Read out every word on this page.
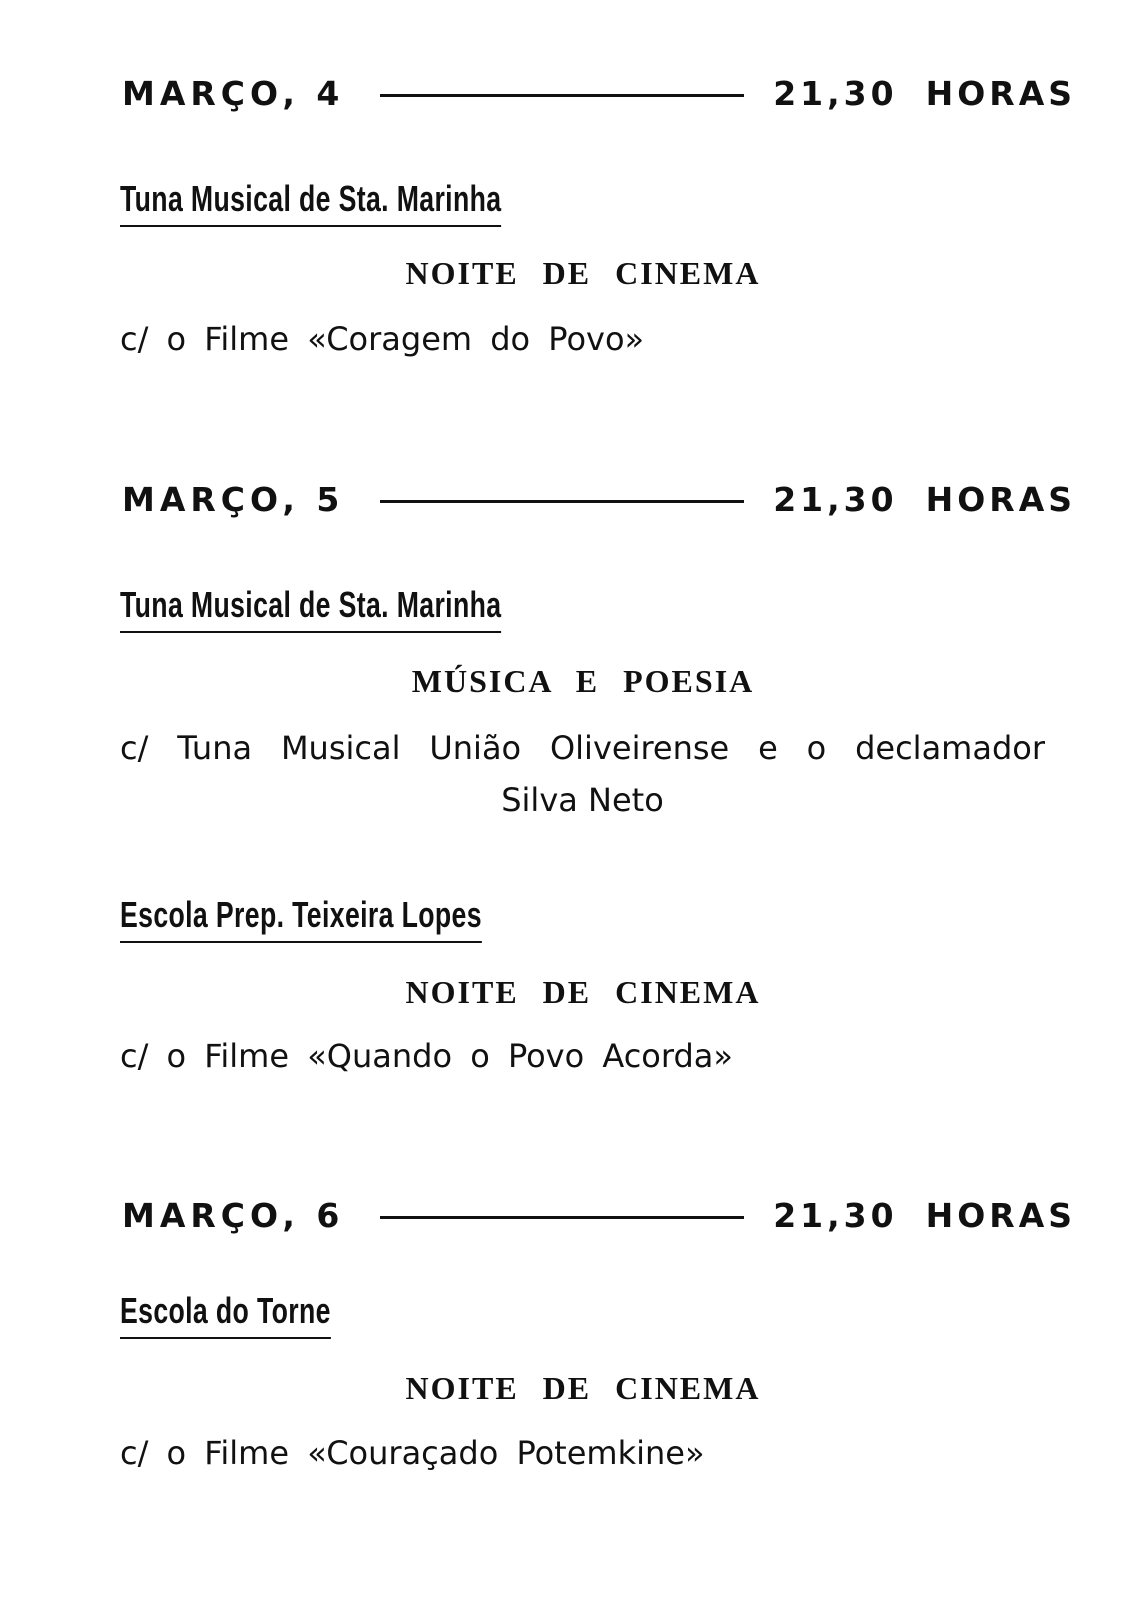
MARÇO, 4	21,30 HORAS
Tuna Musical de Sta. Marinha
NOITE DE CINEMA
c/ o Filme «Coragem do Povo»
MARÇO, 5	21,30 HORAS
Tuna Musical de Sta. Marinha
MÚSICA E POESIA
c/ Tuna Musical União Oliveirense e o declamador
Silva Neto
Escola Prep. Teixeira Lopes
NOITE DE CINEMA
c/ o Filme «Quando o Povo Acorda»
MARÇO, 6	21,30 HORAS
Escola do Torne
NOITE DE CINEMA
c/ o Filme «Couraçado Potemkine»
